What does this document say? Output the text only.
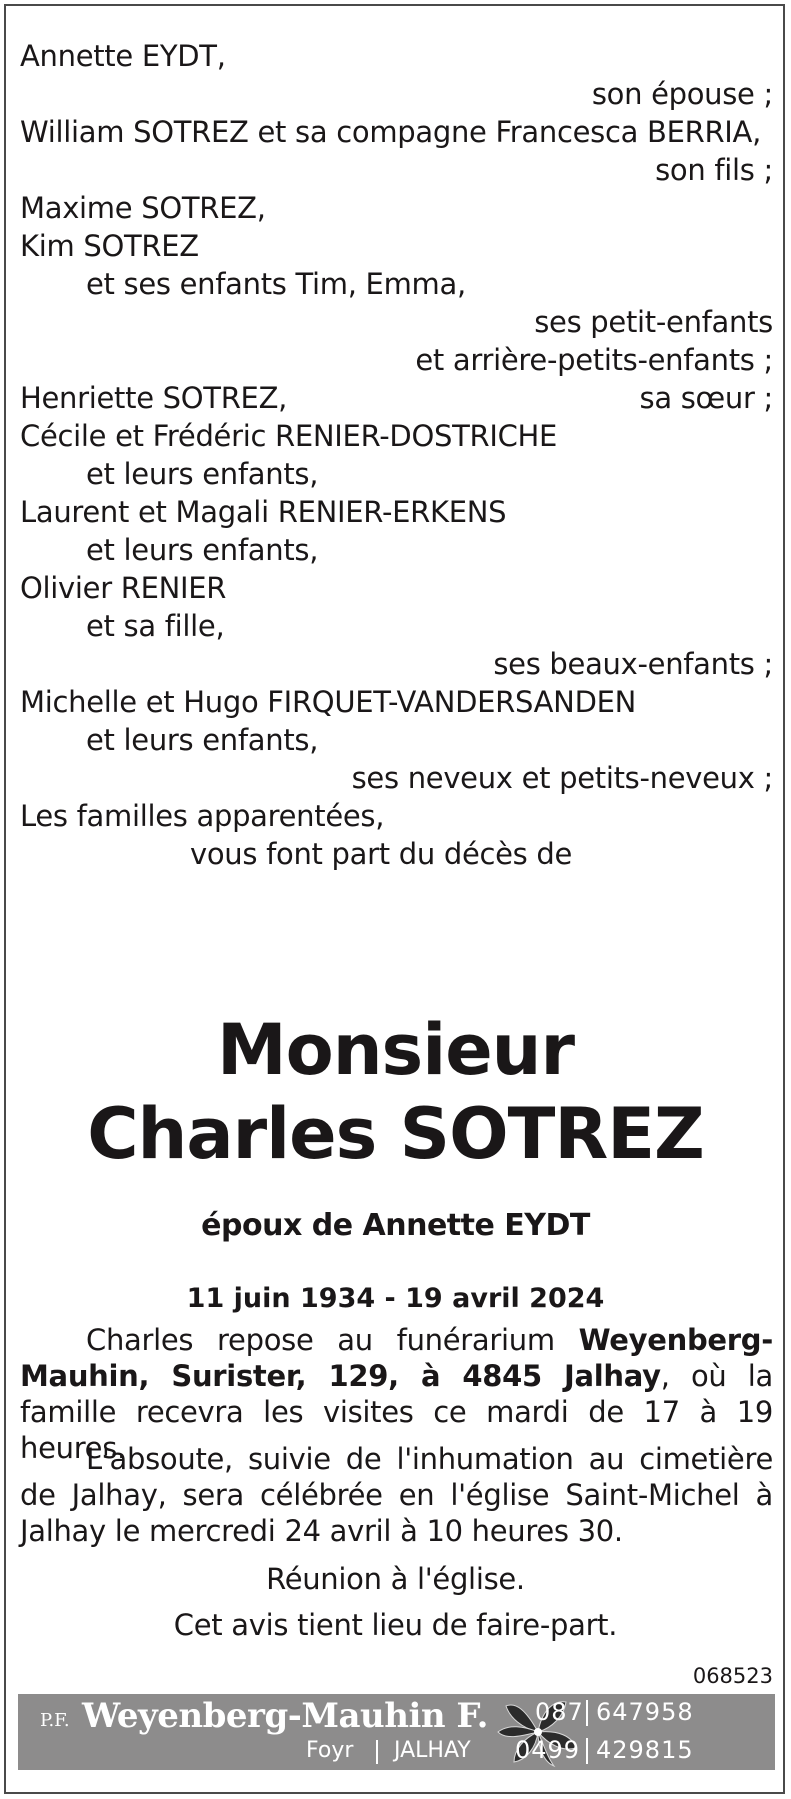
Annette EYDT,
son épouse ;
William SOTREZ et sa compagne Francesca BERRIA,
son fils ;
Maxime SOTREZ,
Kim SOTREZ
et ses enfants Tim, Emma,
ses petit-enfants
et arrière-petits-enfants ;
Henriette SOTREZ,	sa sœur ;
Cécile et Frédéric RENIER-DOSTRICHE
et leurs enfants,
Laurent et Magali RENIER-ERKENS
et leurs enfants,
Olivier RENIER
et sa fille,
ses beaux-enfants ;
Michelle et Hugo FIRQUET-VANDERSANDEN
et leurs enfants,
ses neveux et petits-neveux ;
Les familles apparentées,
vous font part du décès de
Monsieur
Charles SOTREZ
époux de Annette EYDT
11 juin 1934 - 19 avril 2024
Charles repose au funérarium Weyenberg-Mauhin, Surister, 129, à 4845 Jalhay, où la famille recevra les visites ce mardi de 17 à 19 heures.
L'absoute, suivie de l'inhumation au cimetière de Jalhay, sera célébrée en l'église Saint-Michel à Jalhay le mercredi 24 avril à 10 heures 30.
Réunion à l'église.
Cet avis tient lieu de faire-part.
068523
P.F. Weyenberg-Mauhin F.
Foyr JALHAY
087 647958
0499 429815
